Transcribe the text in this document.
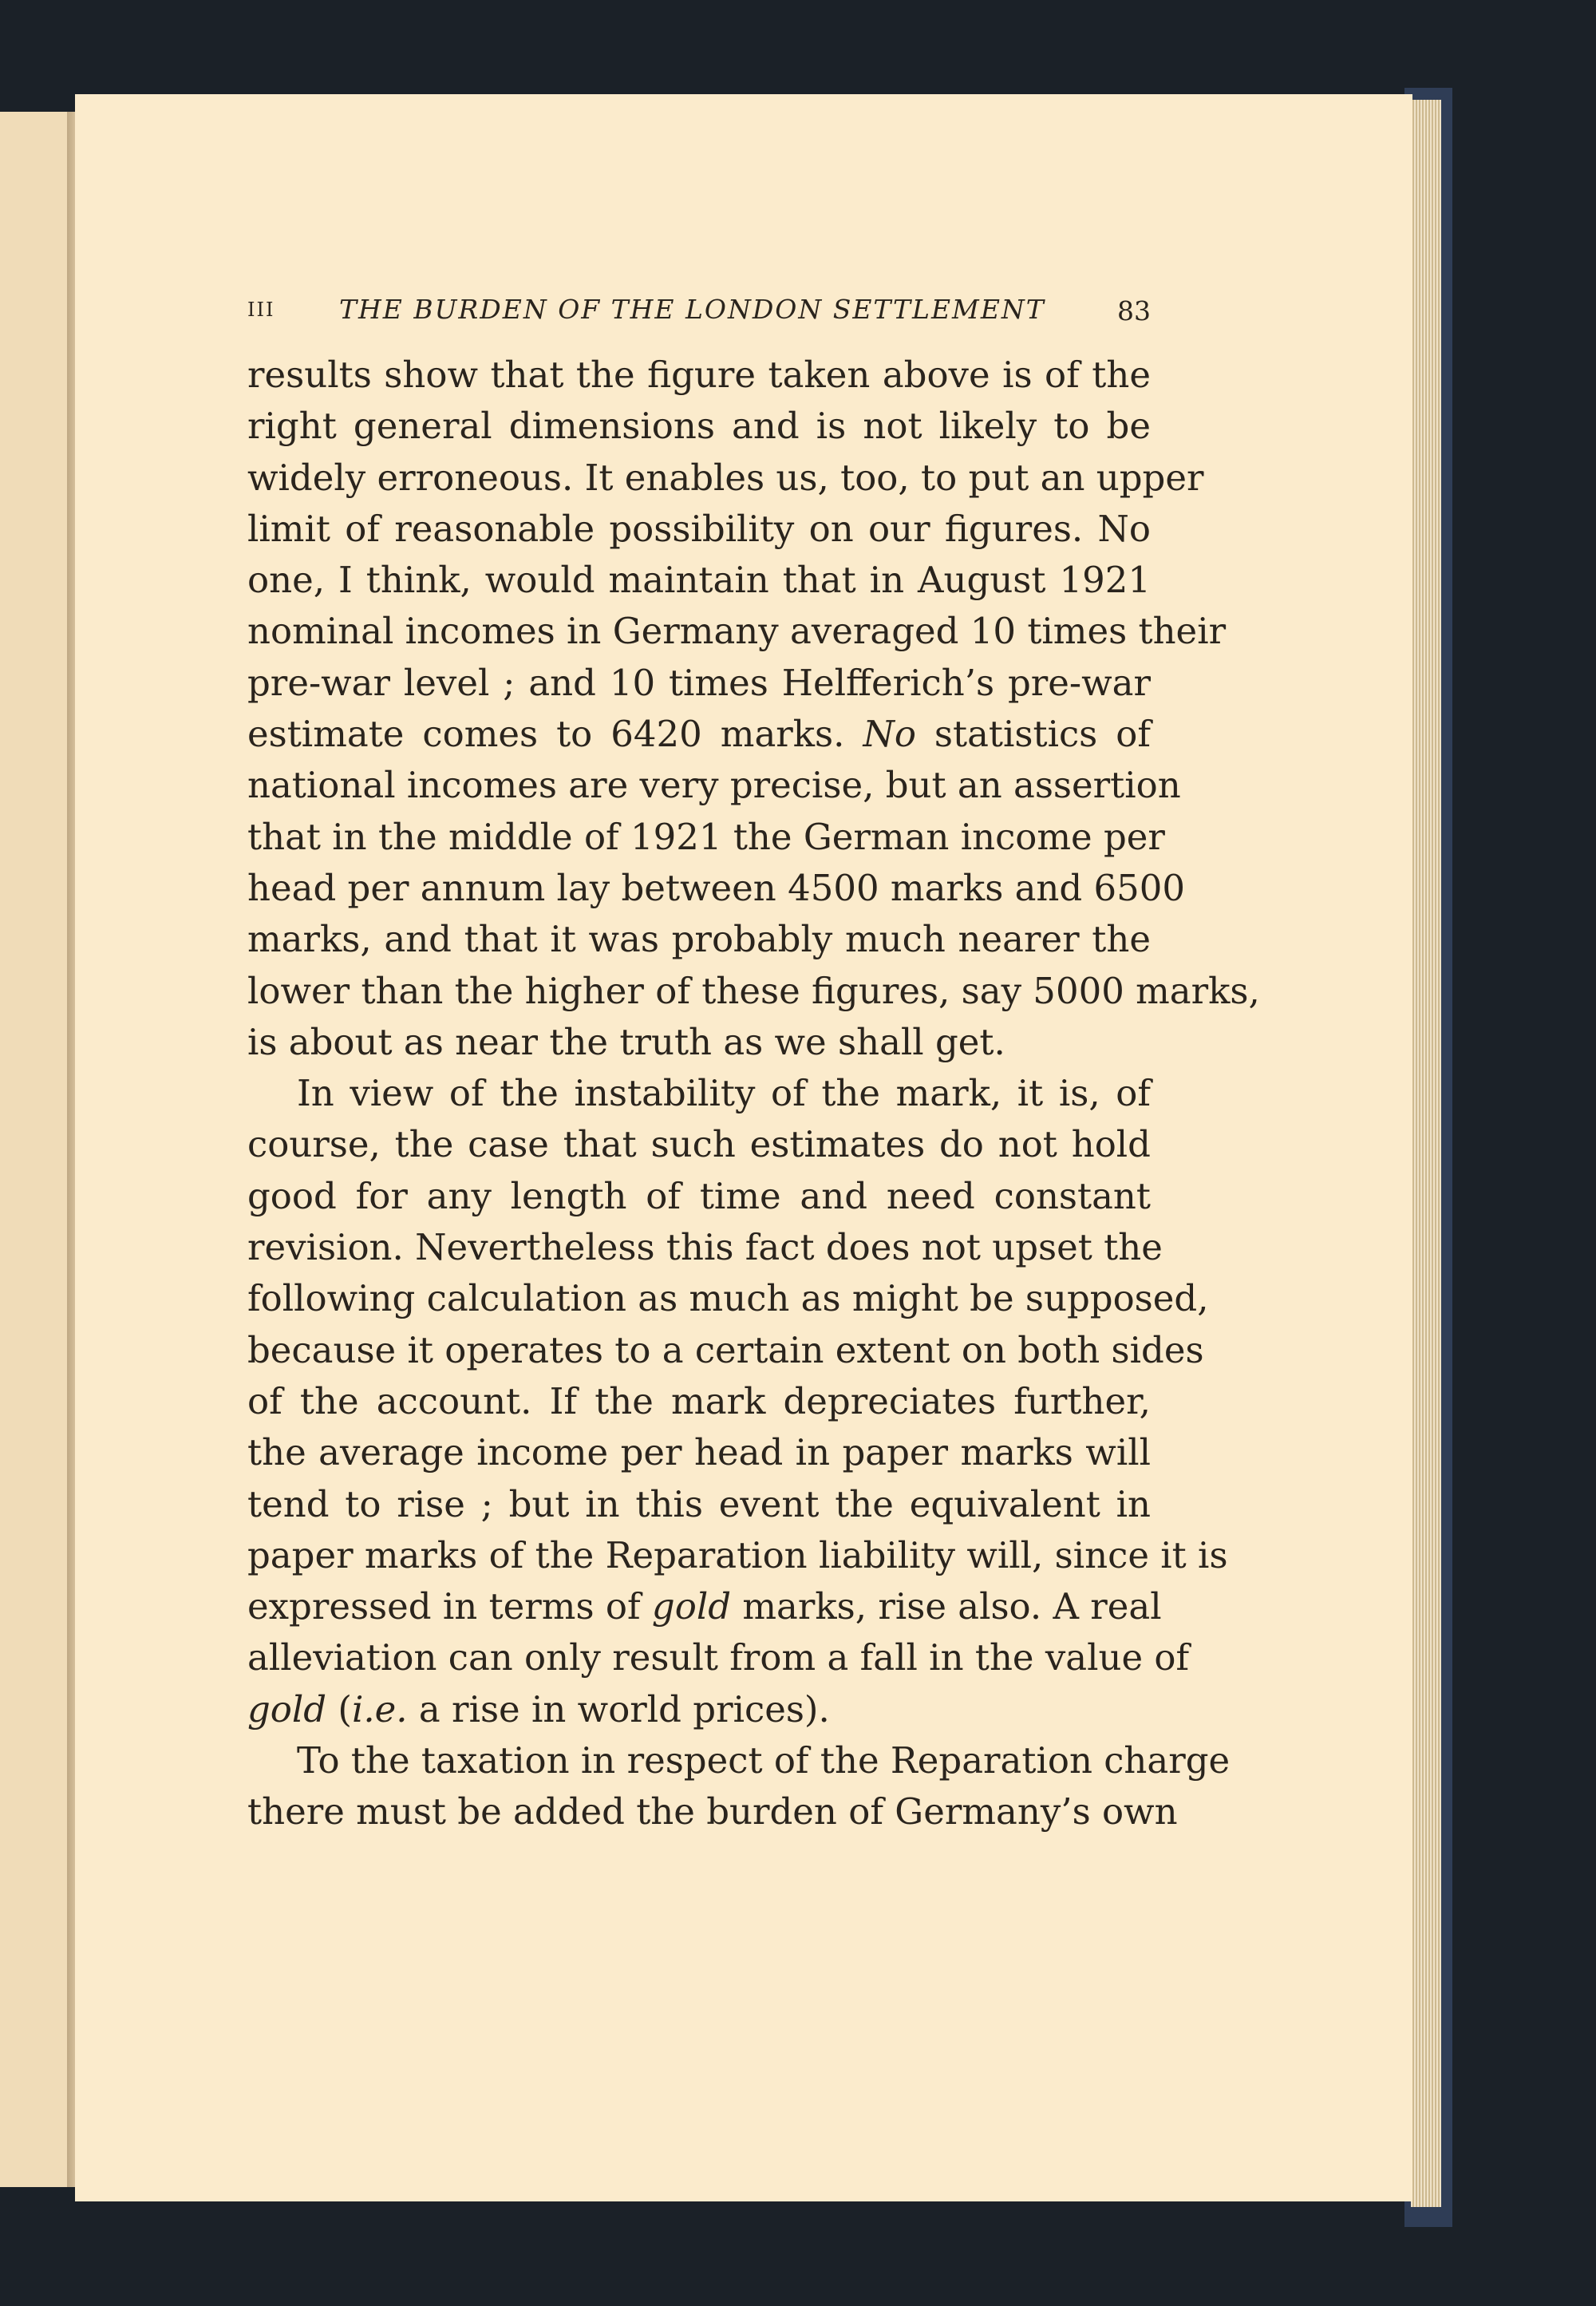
III THE BURDEN OF THE LONDON SETTLEMENT	83
results show that the figure taken above is of the
right general dimensions and is not likely to be
widely erroneous. It enables us, too, to put an upper
limit of reasonable possibility on our figures. No
one, I think, would maintain that in August 1921
nominal incomes in Germany averaged 10 times their
pre-war level ; and 10 times Helfferich’s pre-war
estimate comes to 6420 marks. No statistics of
national incomes are very precise, but an assertion
that in the middle of 1921 the German income per
head per annum lay between 4500 marks and 6500
marks, and that it was probably much nearer the
lower than the higher of these figures, say 5000 marks,
is about as near the truth as we shall get.
In view of the instability of the mark, it is, of
course, the case that such estimates do not hold
good for any length of time and need constant
revision. Nevertheless this fact does not upset the
following calculation as much as might be supposed,
because it operates to a certain extent on both sides
of the account. If the mark depreciates further,
the average income per head in paper marks will
tend to rise ; but in this event the equivalent in
paper marks of the Reparation liability will, since it is
expressed in terms of gold marks, rise also. A real
alleviation can only result from a fall in the value of
gold (i.e. a rise in world prices).
To the taxation in respect of the Reparation charge
there must be added the burden of Germany’s own
